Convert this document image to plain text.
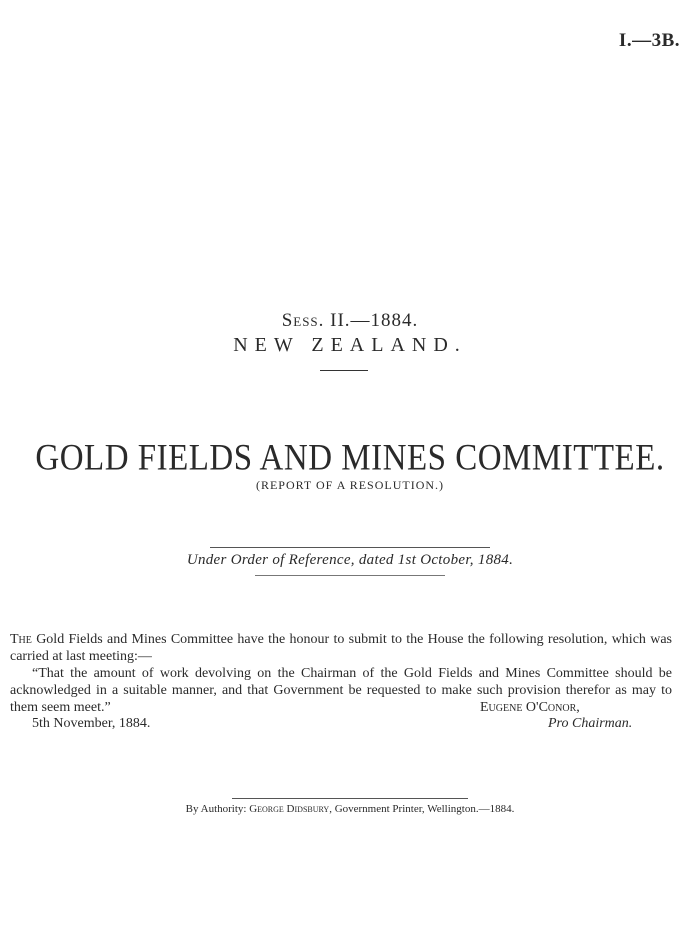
I.—3B.
Sess. II.—1884.
NEW ZEALAND.
GOLD FIELDS AND MINES COMMITTEE.
(REPORT OF A RESOLUTION.)
Under Order of Reference, dated 1st October, 1884.

The Gold Fields and Mines Committee have the honour to submit to the House the following resolution, which was carried at last meeting:—

“That the amount of work devolving on the Chairman of the Gold Fields and Mines Committee should be acknowledged in a suitable manner, and that Government be requested to make such provision therefor as may to them seem meet.”	Eugene O'Conor,
5th November, 1884.	Pro Chairman.
By Authority: George Didsbury, Government Printer, Wellington.—1884.
